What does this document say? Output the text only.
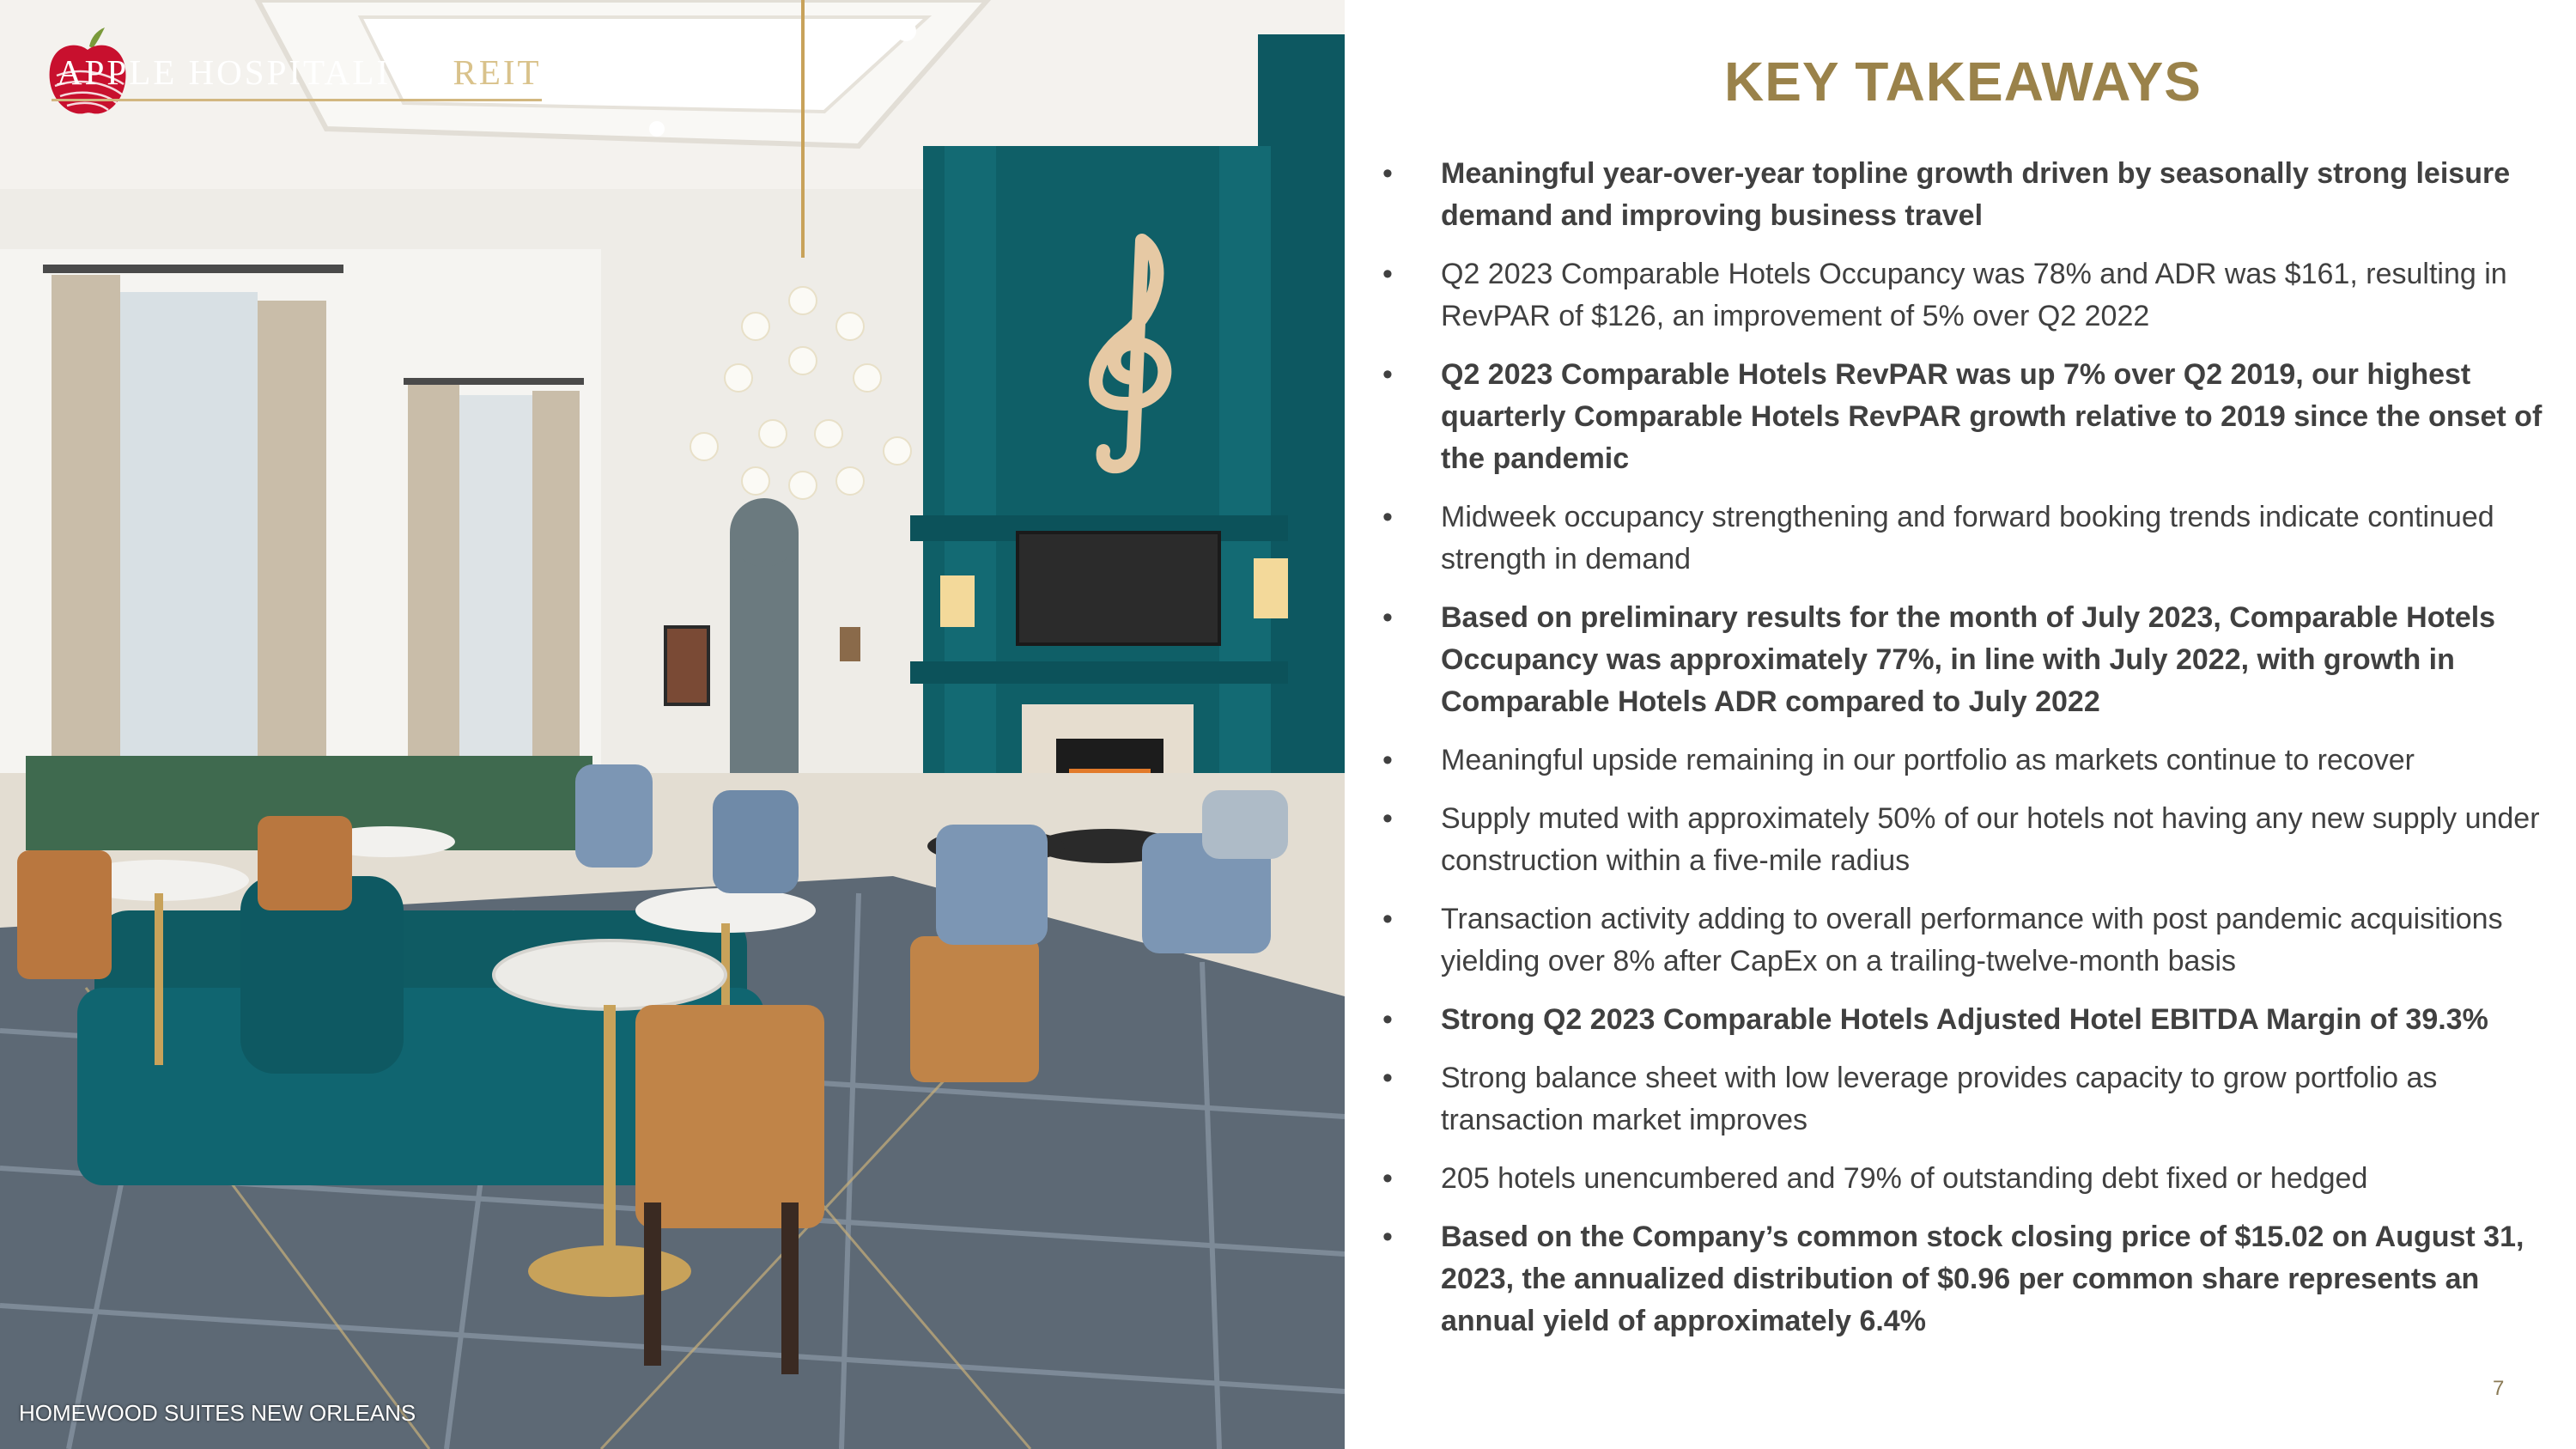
APPLE HOSPITALITY REIT
HOMEWOOD SUITES NEW ORLEANS
KEY TAKEAWAYS
• Meaningful year-over-year topline growth driven by seasonally strong leisure demand and improving business travel
• Q2 2023 Comparable Hotels Occupancy was 78% and ADR was $161, resulting in RevPAR of $126, an improvement of 5% over Q2 2022
• Q2 2023 Comparable Hotels RevPAR was up 7% over Q2 2019, our highest quarterly Comparable Hotels RevPAR growth relative to 2019 since the onset of the pandemic
• Midweek occupancy strengthening and forward booking trends indicate continued strength in demand
• Based on preliminary results for the month of July 2023, Comparable Hotels Occupancy was approximately 77%, in line with July 2022, with growth in Comparable Hotels ADR compared to July 2022
• Meaningful upside remaining in our portfolio as markets continue to recover
• Supply muted with approximately 50% of our hotels not having any new supply under construction within a five-mile radius
• Transaction activity adding to overall performance with post pandemic acquisitions yielding over 8% after CapEx on a trailing-twelve-month basis
• Strong Q2 2023 Comparable Hotels Adjusted Hotel EBITDA Margin of 39.3%
• Strong balance sheet with low leverage provides capacity to grow portfolio as transaction market improves
• 205 hotels unencumbered and 79% of outstanding debt fixed or hedged
• Based on the Company’s common stock closing price of $15.02 on August 31, 2023, the annualized distribution of $0.96 per common share represents an annual yield of approximately 6.4%
7
